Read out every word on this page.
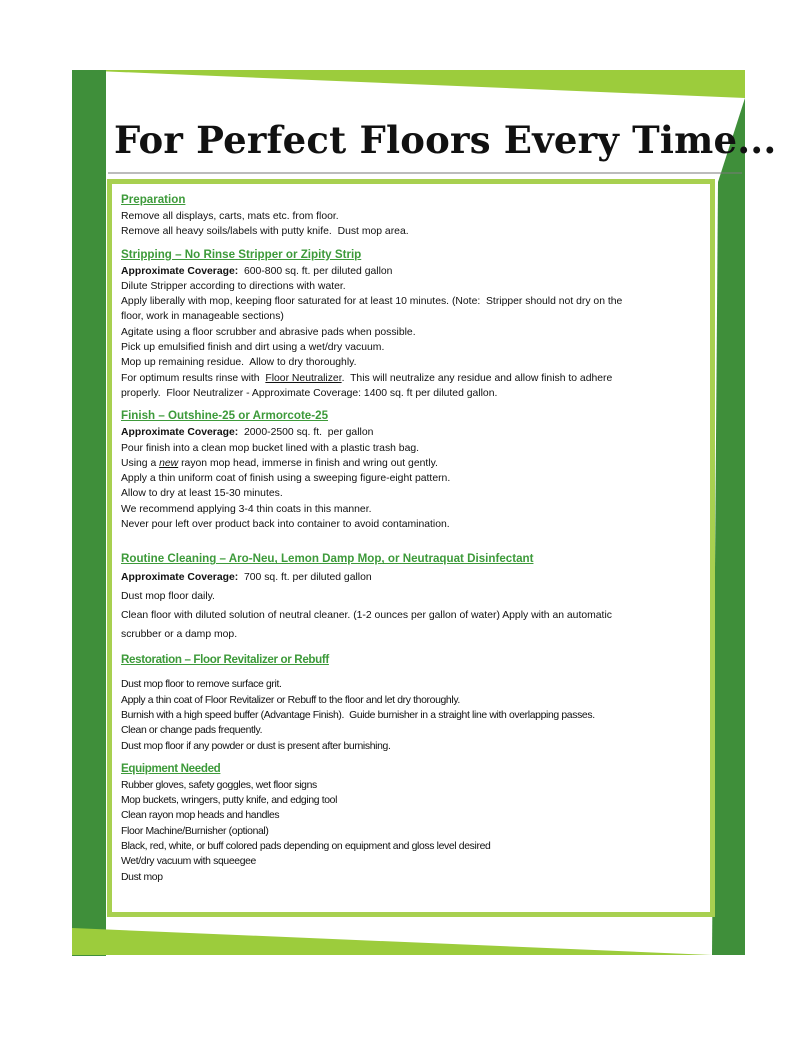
For Perfect Floors Every Time...
Preparation
Remove all displays, carts, mats etc. from floor.
Remove all heavy soils/labels with putty knife.  Dust mop area.
Stripping – No Rinse Stripper or Zipity Strip
Approximate Coverage:  600-800 sq. ft. per diluted gallon
Dilute Stripper according to directions with water.
Apply liberally with mop, keeping floor saturated for at least 10 minutes. (Note:  Stripper should not dry on the
floor, work in manageable sections)
Agitate using a floor scrubber and abrasive pads when possible.
Pick up emulsified finish and dirt using a wet/dry vacuum.
Mop up remaining residue.  Allow to dry thoroughly.
For optimum results rinse with  Floor Neutralizer.  This will neutralize any residue and allow finish to adhere
properly.  Floor Neutralizer - Approximate Coverage: 1400 sq. ft per diluted gallon.
Finish – Outshine-25 or Armorcote-25
Approximate Coverage:  2000-2500 sq. ft.  per gallon
Pour finish into a clean mop bucket lined with a plastic trash bag.
Using a new rayon mop head, immerse in finish and wring out gently.
Apply a thin uniform coat of finish using a sweeping figure-eight pattern.
Allow to dry at least 15-30 minutes.
We recommend applying 3-4 thin coats in this manner.
Never pour left over product back into container to avoid contamination.
Routine Cleaning – Aro-Neu, Lemon Damp Mop, or Neutraquat Disinfectant
Approximate Coverage:  700 sq. ft. per diluted gallon
Dust mop floor daily.
Clean floor with diluted solution of neutral cleaner. (1-2 ounces per gallon of water) Apply with an automatic
scrubber or a damp mop.
Restoration – Floor Revitalizer or Rebuff
Dust mop floor to remove surface grit.
Apply a thin coat of Floor Revitalizer or Rebuff to the floor and let dry thoroughly.
Burnish with a high speed buffer (Advantage Finish).  Guide burnisher in a straight line with overlapping passes.
Clean or change pads frequently.
Dust mop floor if any powder or dust is present after burnishing.
Equipment Needed
Rubber gloves, safety goggles, wet floor signs
Mop buckets, wringers, putty knife, and edging tool
Clean rayon mop heads and handles
Floor Machine/Burnisher (optional)
Black, red, white, or buff colored pads depending on equipment and gloss level desired
Wet/dry vacuum with squeegee
Dust mop
